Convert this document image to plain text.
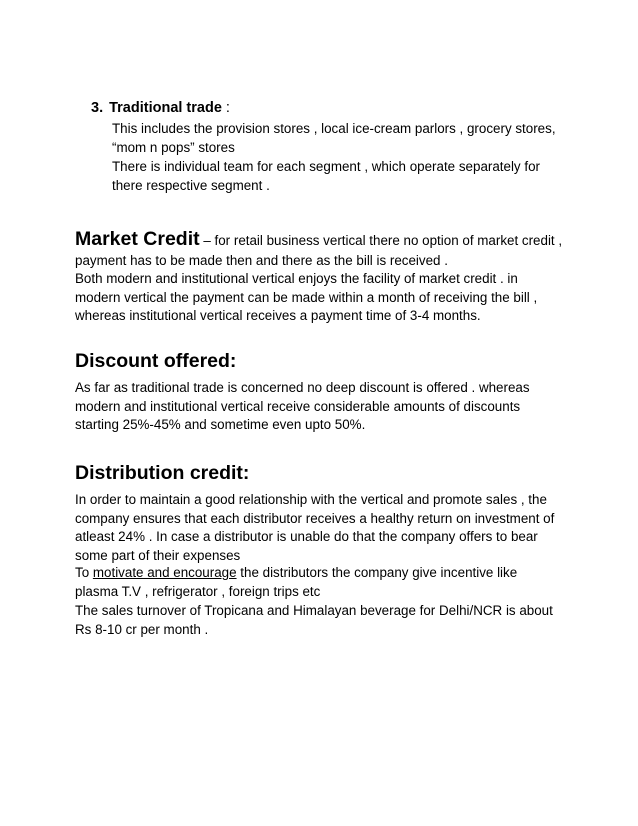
3. Traditional trade :

This includes the provision stores , local ice-cream parlors , grocery stores, “mom n pops” stores

There is individual team for each segment , which operate separately for there respective segment .

Market Credit – for retail business vertical there no option of market credit , payment has to be made then and there as the bill is received .

Both modern and institutional vertical enjoys the facility of market credit . in modern vertical the payment can be made within a month of receiving the bill , whereas institutional vertical receives a payment time of 3-4 months.

Discount offered:

As far as traditional trade is concerned no deep discount is offered . whereas modern and institutional vertical receive considerable amounts of discounts starting 25%-45% and sometime even upto 50%.

Distribution credit:

In order to maintain a good relationship with the vertical and promote sales , the company ensures that each distributor receives a healthy return on investment of atleast 24% . In case a distributor is unable do that the company offers to bear some part of their expenses

To motivate and encourage the distributors the company give incentive like plasma T.V , refrigerator , foreign trips etc

The sales turnover of Tropicana and Himalayan beverage for Delhi/NCR is about Rs 8-10 cr per month .
